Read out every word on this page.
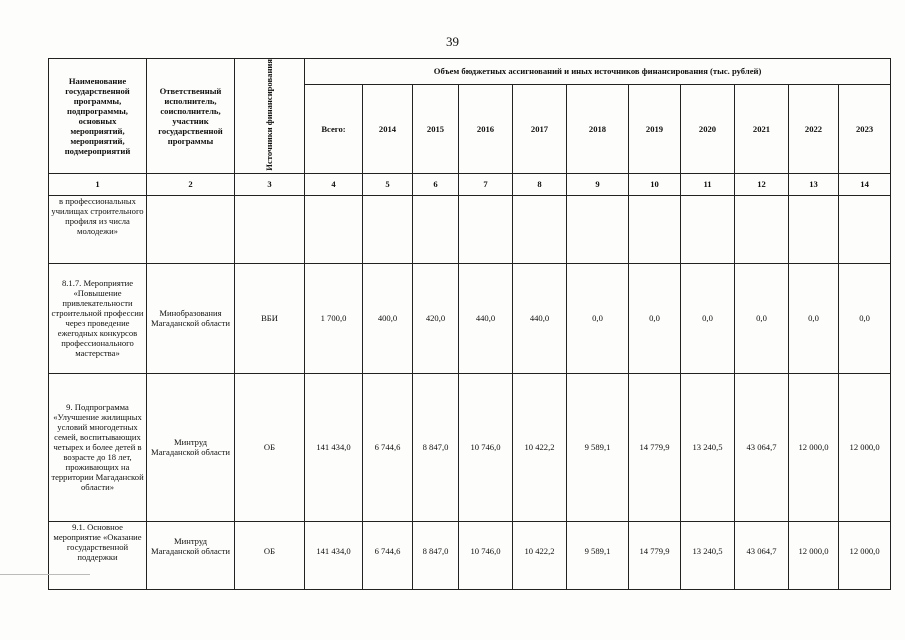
39
Наименование государственной программы, подпрограммы, основных мероприятий, мероприятий, подмероприятий	Ответственный исполнитель, соисполнитель, участник государственной программы	Источники финансирования	Объем бюджетных ассигнований и иных источников финансирования (тыс. рублей)										
			Всего:	2014	2015	2016	2017	2018	2019	2020	2021	2022	2023
1	2	3	4	5	6	7	8	9	10	11	12	13	14
в профессиональных училищах строительного профиля из числа молодежи»													
8.1.7. Мероприятие «Повышение привлекательности строительной профессии через проведение ежегодных конкурсов профессионального мастерства»	Минобразования Магаданской области	ВБИ	1 700,0	400,0	420,0	440,0	440,0	0,0	0,0	0,0	0,0	0,0	0,0
9. Подпрограмма «Улучшение жилищных условий многодетных семей, воспитывающих четырех и более детей в возрасте до 18 лет, проживающих на территории Магаданской области»	Минтруд Магаданской области	ОБ	141 434,0	6 744,6	8 847,0	10 746,0	10 422,2	9 589,1	14 779,9	13 240,5	43 064,7	12 000,0	12 000,0
9.1. Основное мероприятие «Оказание государственной поддержки	Минтруд Магаданской области	ОБ	141 434,0	6 744,6	8 847,0	10 746,0	10 422,2	9 589,1	14 779,9	13 240,5	43 064,7	12 000,0	12 000,0
